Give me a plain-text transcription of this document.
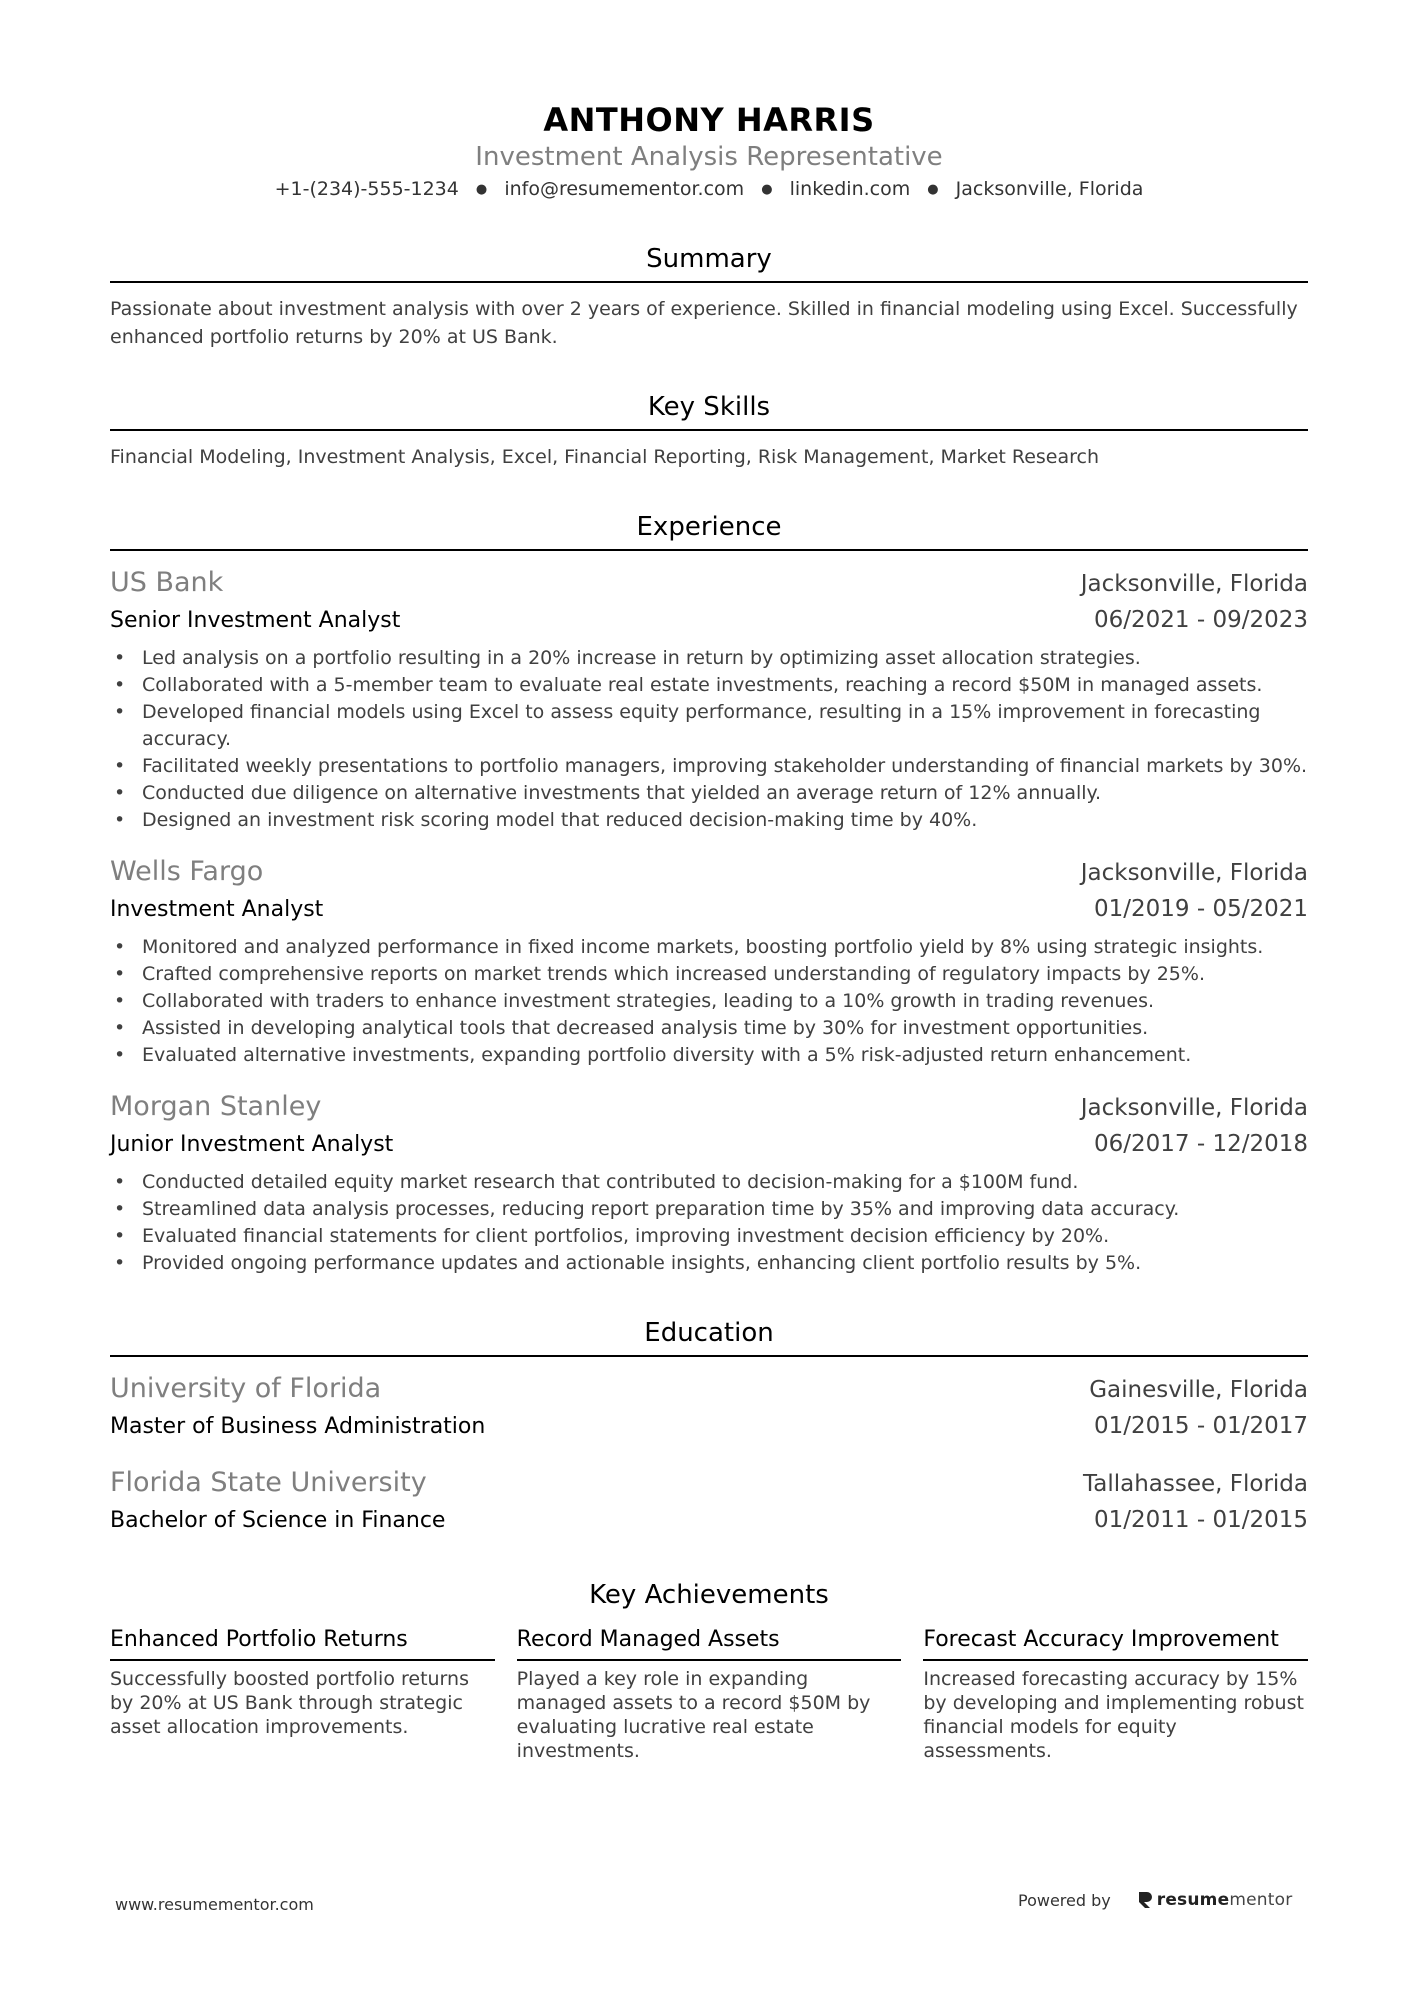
ANTHONY HARRIS
Investment Analysis Representative
+1-(234)-555-1234 ● info@resumementor.com ● linkedin.com ● Jacksonville, Florida
Summary
Passionate about investment analysis with over 2 years of experience. Skilled in financial modeling using Excel. Successfully enhanced portfolio returns by 20% at US Bank.
Key Skills
Financial Modeling, Investment Analysis, Excel, Financial Reporting, Risk Management, Market Research
Experience
US Bank	Jacksonville, Florida
Senior Investment Analyst	06/2021 - 09/2023
• Led analysis on a portfolio resulting in a 20% increase in return by optimizing asset allocation strategies.
• Collaborated with a 5-member team to evaluate real estate investments, reaching a record $50M in managed assets.
• Developed financial models using Excel to assess equity performance, resulting in a 15% improvement in forecasting accuracy.
• Facilitated weekly presentations to portfolio managers, improving stakeholder understanding of financial markets by 30%.
• Conducted due diligence on alternative investments that yielded an average return of 12% annually.
• Designed an investment risk scoring model that reduced decision-making time by 40%.
Wells Fargo	Jacksonville, Florida
Investment Analyst	01/2019 - 05/2021
• Monitored and analyzed performance in fixed income markets, boosting portfolio yield by 8% using strategic insights.
• Crafted comprehensive reports on market trends which increased understanding of regulatory impacts by 25%.
• Collaborated with traders to enhance investment strategies, leading to a 10% growth in trading revenues.
• Assisted in developing analytical tools that decreased analysis time by 30% for investment opportunities.
• Evaluated alternative investments, expanding portfolio diversity with a 5% risk-adjusted return enhancement.
Morgan Stanley	Jacksonville, Florida
Junior Investment Analyst	06/2017 - 12/2018
• Conducted detailed equity market research that contributed to decision-making for a $100M fund.
• Streamlined data analysis processes, reducing report preparation time by 35% and improving data accuracy.
• Evaluated financial statements for client portfolios, improving investment decision efficiency by 20%.
• Provided ongoing performance updates and actionable insights, enhancing client portfolio results by 5%.
Education
University of Florida	Gainesville, Florida
Master of Business Administration	01/2015 - 01/2017
Florida State University	Tallahassee, Florida
Bachelor of Science in Finance	01/2011 - 01/2015
Key Achievements
Enhanced Portfolio Returns
Successfully boosted portfolio returns by 20% at US Bank through strategic asset allocation improvements.
Record Managed Assets
Played a key role in expanding managed assets to a record $50M by evaluating lucrative real estate investments.
Forecast Accuracy Improvement
Increased forecasting accuracy by 15% by developing and implementing robust financial models for equity assessments.
www.resumementor.com	Powered by	resume mentor
